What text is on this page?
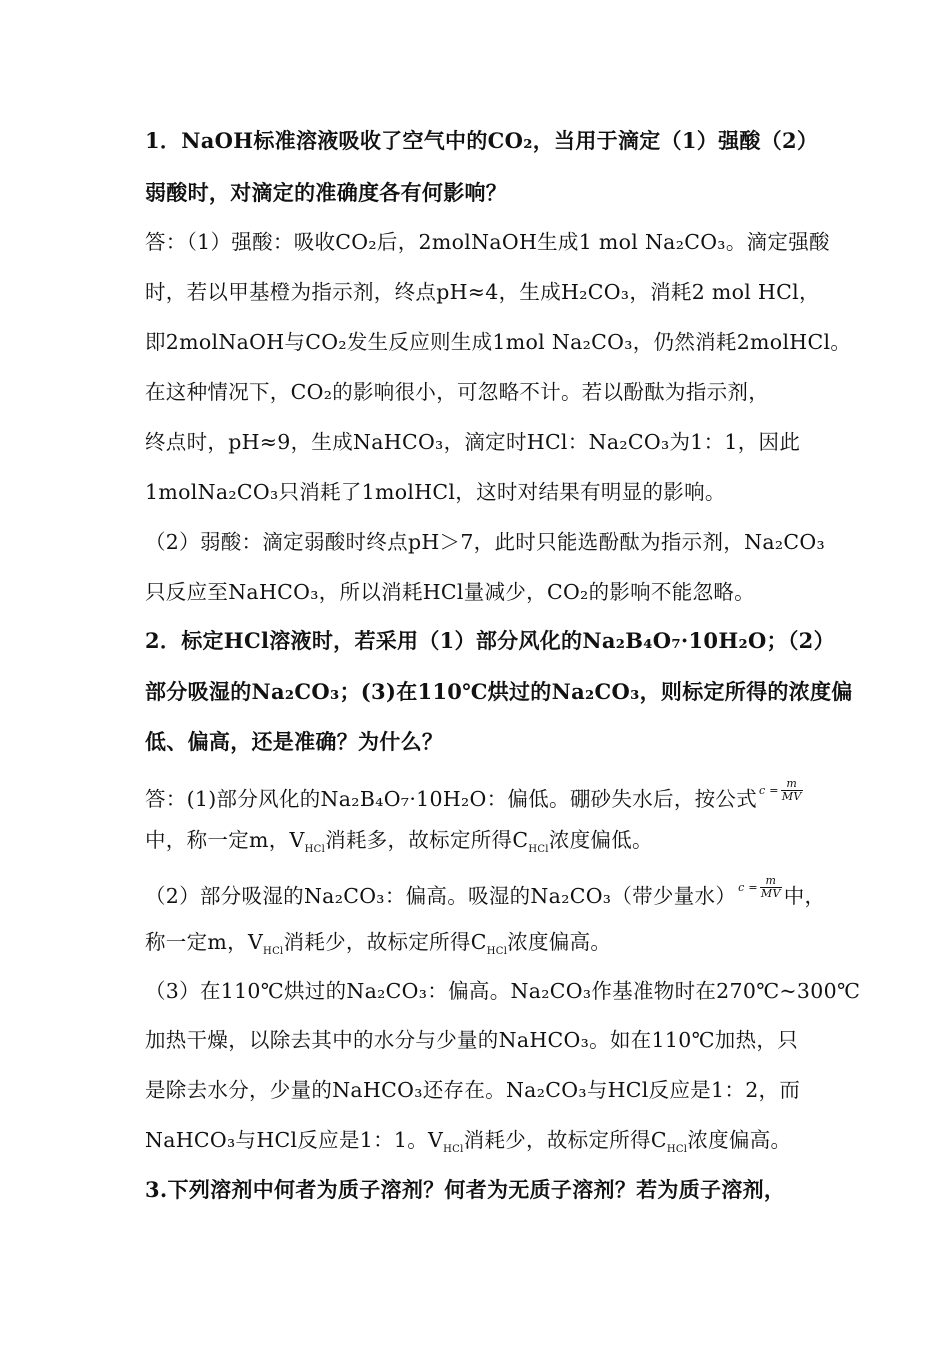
1．NaOH标准溶液吸收了空气中的CO₂，当用于滴定（1）强酸（2）
弱酸时，对滴定的准确度各有何影响？
答：（1）强酸：吸收CO₂后，2molNaOH生成1 mol Na₂CO₃。滴定强酸
时，若以甲基橙为指示剂，终点pH≈4，生成H₂CO₃，消耗2 mol HCl，
即2molNaOH与CO₂发生反应则生成1mol Na₂CO₃，仍然消耗2molHCl。
在这种情况下，CO₂的影响很小，可忽略不计。若以酚酞为指示剂，
终点时，pH≈9，生成NaHCO₃，滴定时HCl：Na₂CO₃为1：1，因此
1molNa₂CO₃只消耗了1molHCl，这时对结果有明显的影响。
（2）弱酸：滴定弱酸时终点pH＞7，此时只能选酚酞为指示剂，Na₂CO₃
只反应至NaHCO₃，所以消耗HCl量减少，CO₂的影响不能忽略。
2．标定HCl溶液时，若采用（1）部分风化的Na₂B₄O₇·10H₂O；（2）
部分吸湿的Na₂CO₃；(3)在110℃烘过的Na₂CO₃，则标定所得的浓度偏
低、偏高，还是准确？为什么？
答：(1)部分风化的Na₂B₄O₇·10H₂O：偏低。硼砂失水后，按公式 $c = \frac{m}{MV}$
中，称一定m，$V_{HCl}$消耗多，故标定所得$C_{HCl}$浓度偏低。
（2）部分吸湿的Na₂CO₃：偏高。吸湿的Na₂CO₃（带少量水） $c = \frac{m}{MV}$ 中，
称一定m，$V_{HCl}$消耗少，故标定所得$C_{HCl}$浓度偏高。
（3）在110℃烘过的Na₂CO₃：偏高。Na₂CO₃作基准物时在270℃~300℃
加热干燥，以除去其中的水分与少量的NaHCO₃。如在110℃加热，只
是除去水分，少量的NaHCO₃还存在。Na₂CO₃与HCl反应是1：2，而
NaHCO₃与HCl反应是1：1。$V_{HCl}$消耗少，故标定所得$C_{HCl}$浓度偏高。
3.下列溶剂中何者为质子溶剂？何者为无质子溶剂？若为质子溶剂，
